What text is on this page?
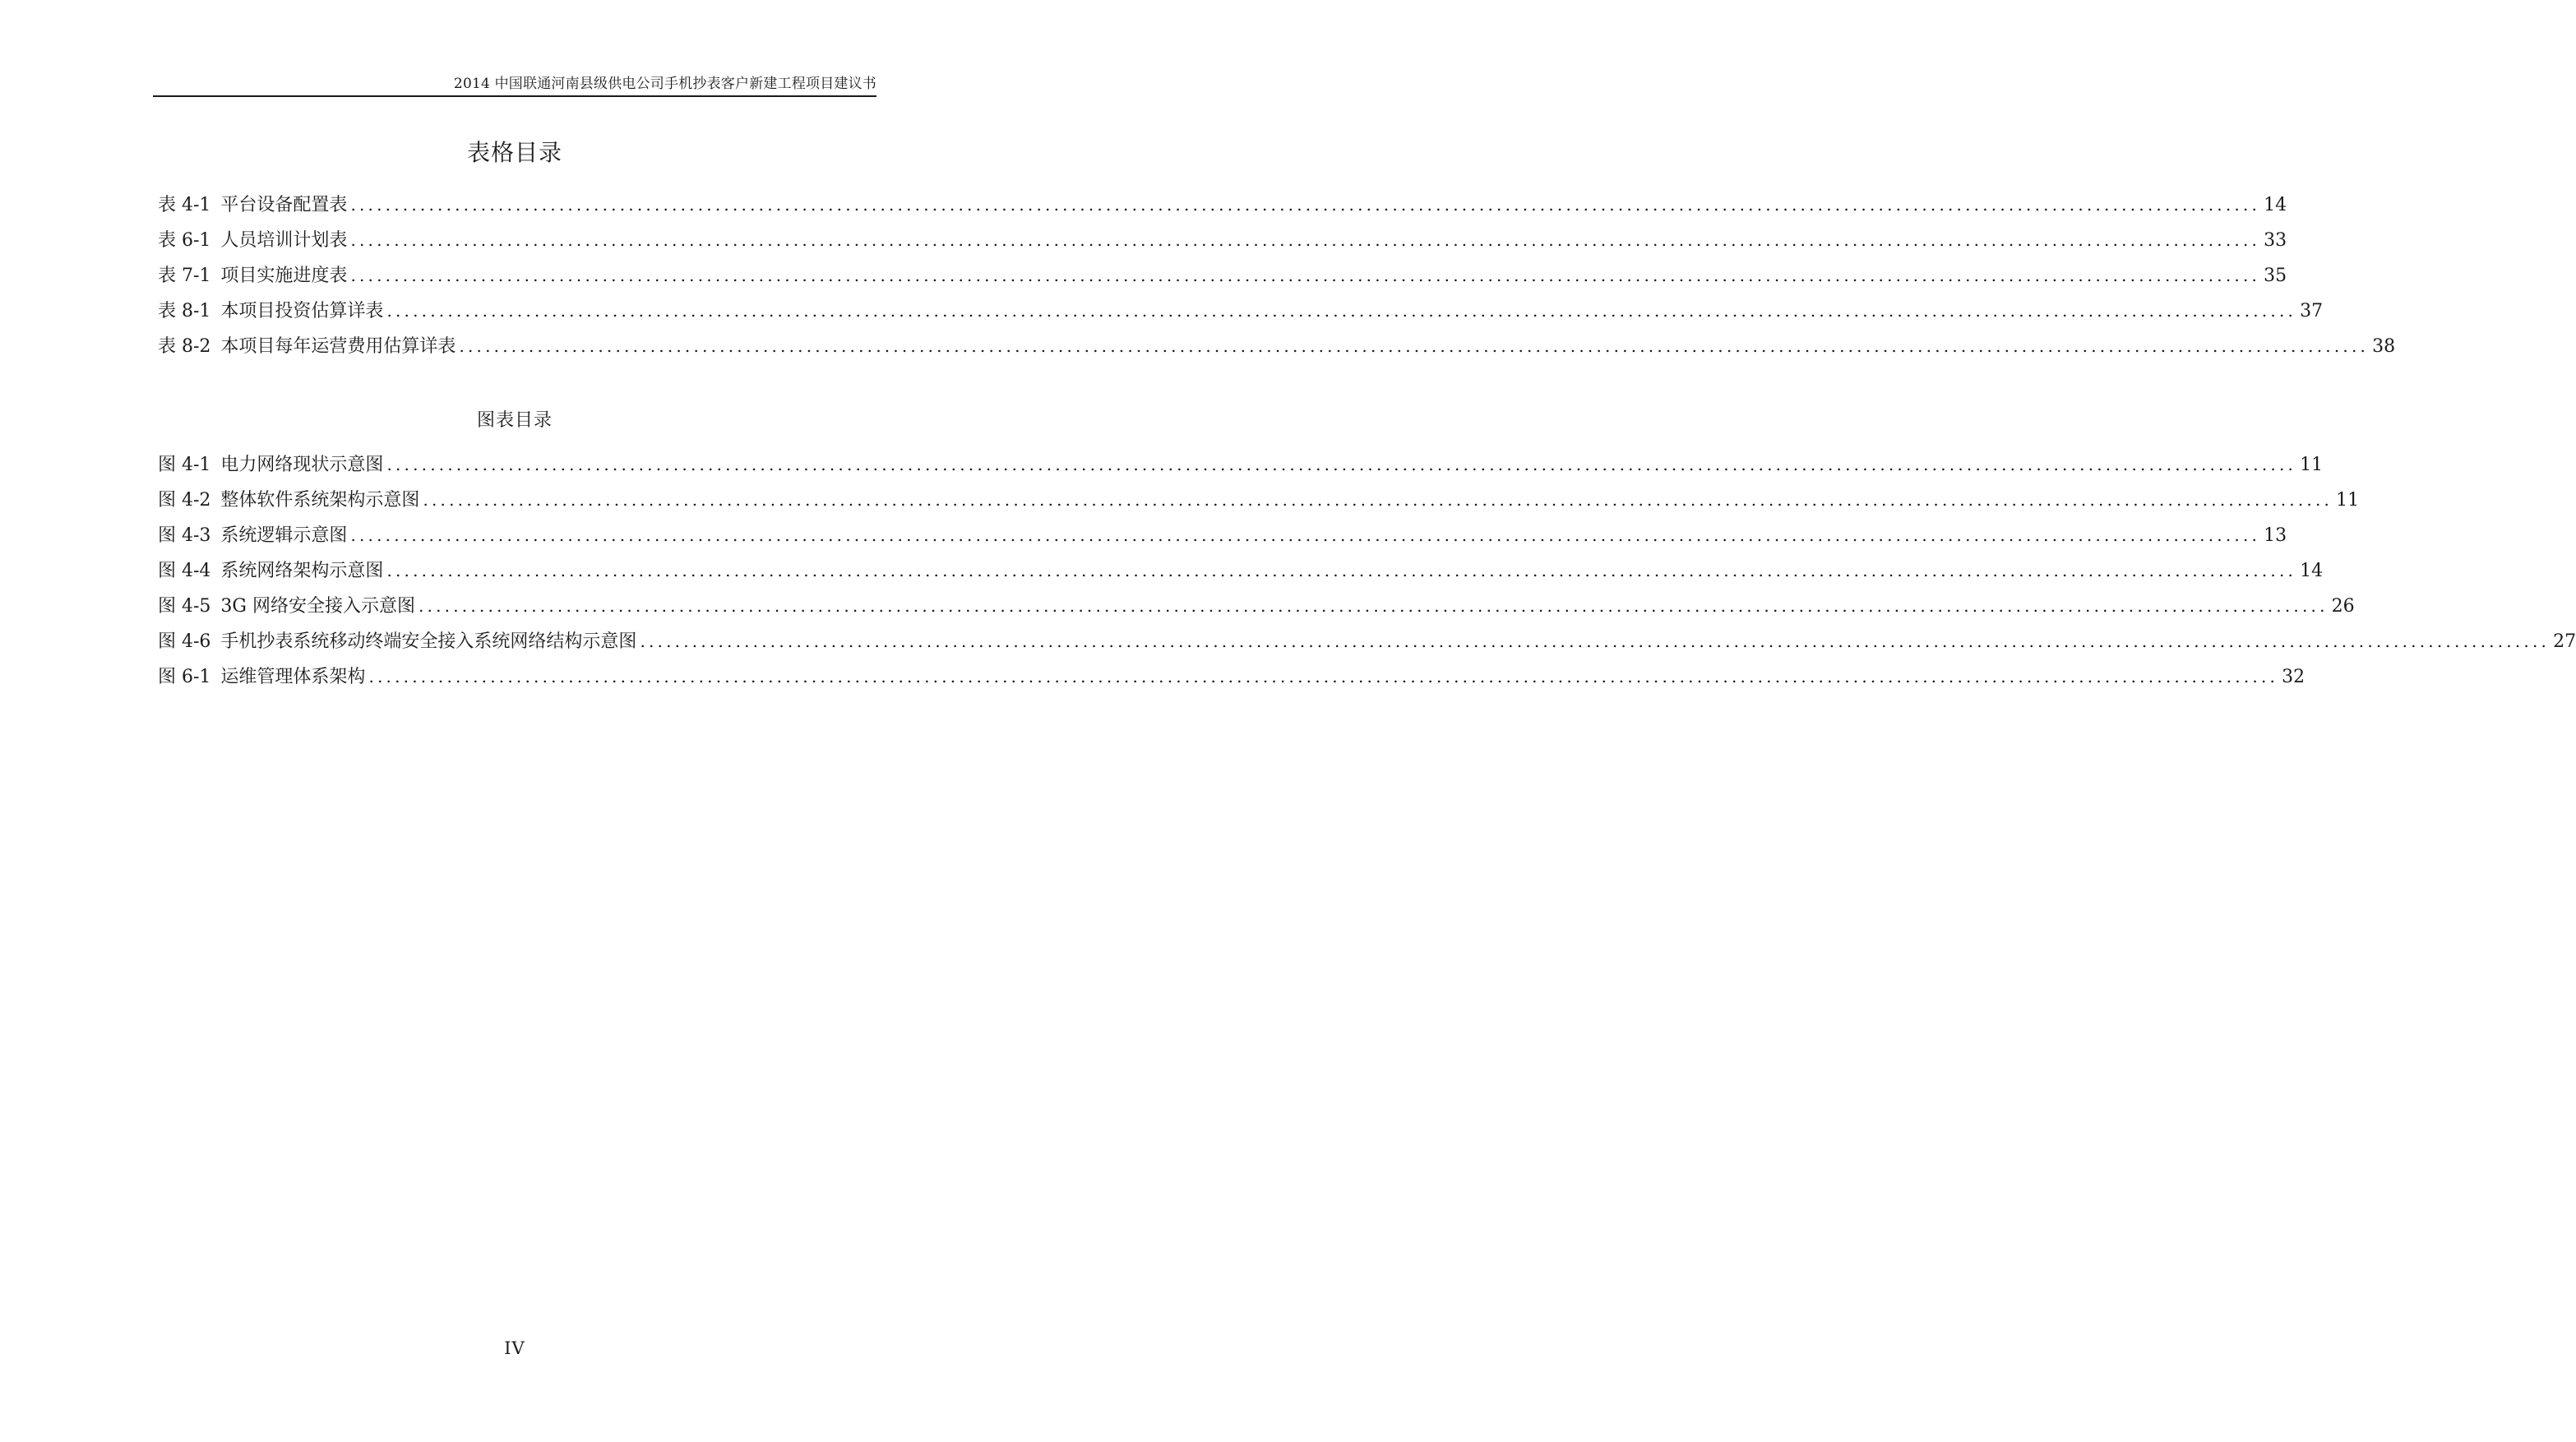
2014 中国联通河南县级供电公司手机抄表客户新建工程项目建议书
表格目录
表 4-1 平台设备配置表 ............................................................................................................................................................................................................................ 14
表 6-1 人员培训计划表 ............................................................................................................................................................................................................................ 33
表 7-1 项目实施进度表 ............................................................................................................................................................................................................................ 35
表 8-1 本项目投资估算详表 ............................................................................................................................................................................................................................ 37
表 8-2 本项目每年运营费用估算详表 ............................................................................................................................................................................................................................ 38
图表目录
图 4-1 电力网络现状示意图 ............................................................................................................................................................................................................................ 11
图 4-2 整体软件系统架构示意图 ............................................................................................................................................................................................................................ 11
图 4-3 系统逻辑示意图 ............................................................................................................................................................................................................................ 13
图 4-4 系统网络架构示意图 ............................................................................................................................................................................................................................ 14
图 4-5 3G 网络安全接入示意图 ............................................................................................................................................................................................................................ 26
图 4-6 手机抄表系统移动终端安全接入系统网络结构示意图 ............................................................................................................................................................................................................................ 27
图 6-1 运维管理体系架构 ............................................................................................................................................................................................................................ 32
IV
